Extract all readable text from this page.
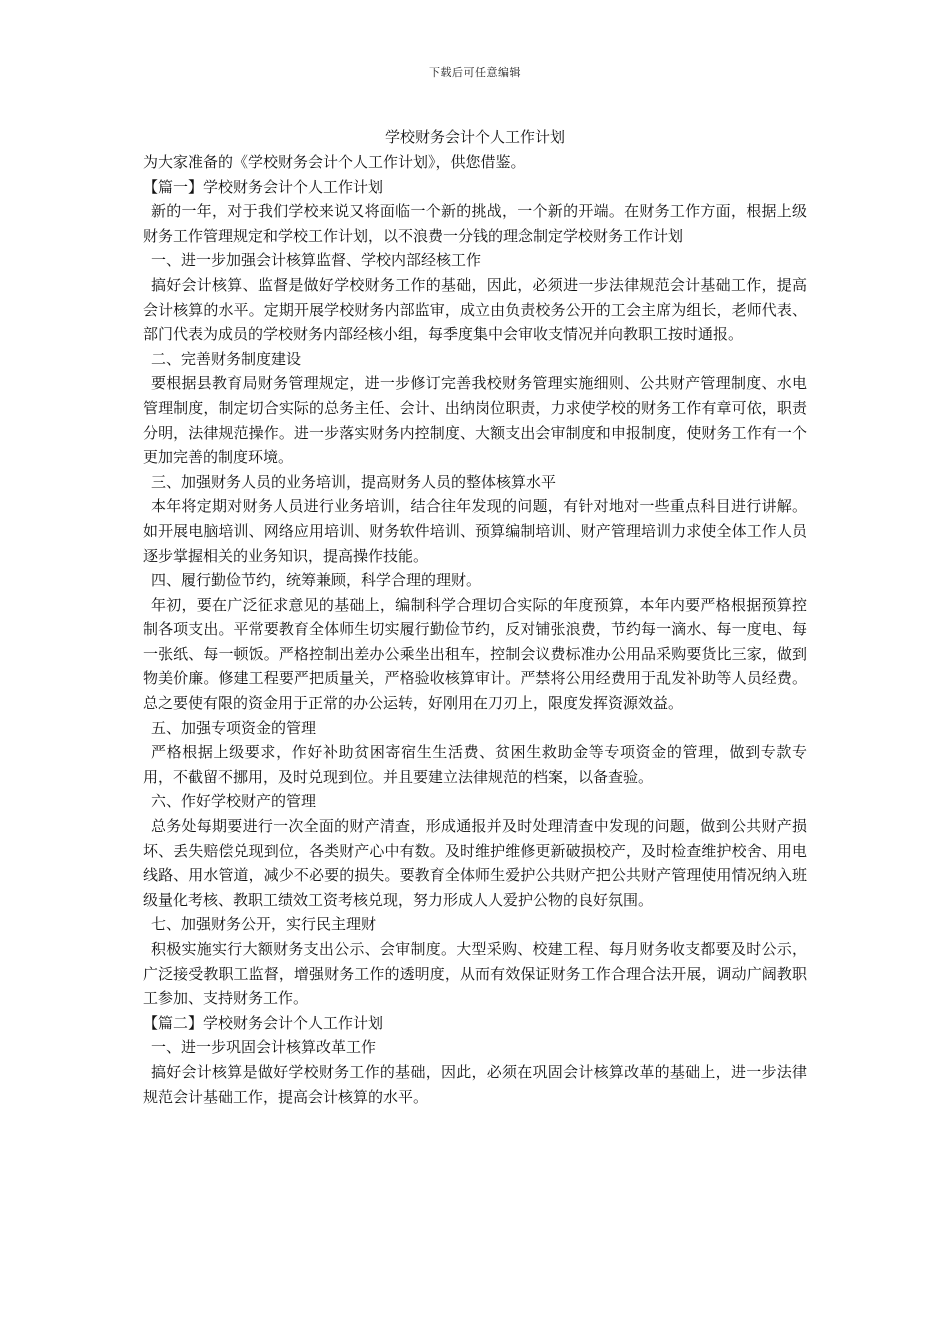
下载后可任意编辑
学校财务会计个人工作计划

为大家准备的《学校财务会计个人工作计划》，供您借鉴。

【篇一】学校财务会计个人工作计划

新的一年，对于我们学校来说又将面临一个新的挑战，一个新的开端。在财务工作方面，根据上级财务工作管理规定和学校工作计划，以不浪费一分钱的理念制定学校财务工作计划

一、进一步加强会计核算监督、学校内部经核工作

搞好会计核算、监督是做好学校财务工作的基础，因此，必须进一步法律规范会计基础工作，提高会计核算的水平。定期开展学校财务内部监审，成立由负责校务公开的工会主席为组长，老师代表、部门代表为成员的学校财务内部经核小组，每季度集中会审收支情况并向教职工按时通报。

二、完善财务制度建设

要根据县教育局财务管理规定，进一步修订完善我校财务管理实施细则、公共财产管理制度、水电管理制度，制定切合实际的总务主任、会计、出纳岗位职责，力求使学校的财务工作有章可依，职责分明，法律规范操作。进一步落实财务内控制度、大额支出会审制度和申报制度，使财务工作有一个更加完善的制度环境。

三、加强财务人员的业务培训，提高财务人员的整体核算水平

本年将定期对财务人员进行业务培训，结合往年发现的问题，有针对地对一些重点科目进行讲解。如开展电脑培训、网络应用培训、财务软件培训、预算编制培训、财产管理培训力求使全体工作人员逐步掌握相关的业务知识，提高操作技能。

四、履行勤俭节约，统筹兼顾，科学合理的理财。

年初，要在广泛征求意见的基础上，编制科学合理切合实际的年度预算，本年内要严格根据预算控制各项支出。平常要教育全体师生切实履行勤俭节约，反对铺张浪费，节约每一滴水、每一度电、每一张纸、每一顿饭。严格控制出差办公乘坐出租车，控制会议费标准办公用品采购要货比三家，做到物美价廉。修建工程要严把质量关，严格验收核算审计。严禁将公用经费用于乱发补助等人员经费。总之要使有限的资金用于正常的办公运转，好刚用在刀刃上，限度发挥资源效益。

五、加强专项资金的管理

严格根据上级要求，作好补助贫困寄宿生生活费、贫困生救助金等专项资金的管理，做到专款专用，不截留不挪用，及时兑现到位。并且要建立法律规范的档案，以备查验。

六、作好学校财产的管理

总务处每期要进行一次全面的财产清查，形成通报并及时处理清查中发现的问题，做到公共财产损坏、丢失赔偿兑现到位，各类财产心中有数。及时维护维修更新破损校产，及时检查维护校舍、用电线路、用水管道，减少不必要的损失。要教育全体师生爱护公共财产把公共财产管理使用情况纳入班级量化考核、教职工绩效工资考核兑现，努力形成人人爱护公物的良好氛围。

七、加强财务公开，实行民主理财

积极实施实行大额财务支出公示、会审制度。大型采购、校建工程、每月财务收支都要及时公示，广泛接受教职工监督，增强财务工作的透明度，从而有效保证财务工作合理合法开展，调动广阔教职工参加、支持财务工作。

【篇二】学校财务会计个人工作计划

一、进一步巩固会计核算改革工作

搞好会计核算是做好学校财务工作的基础，因此，必须在巩固会计核算改革的基础上，进一步法律规范会计基础工作，提高会计核算的水平。
